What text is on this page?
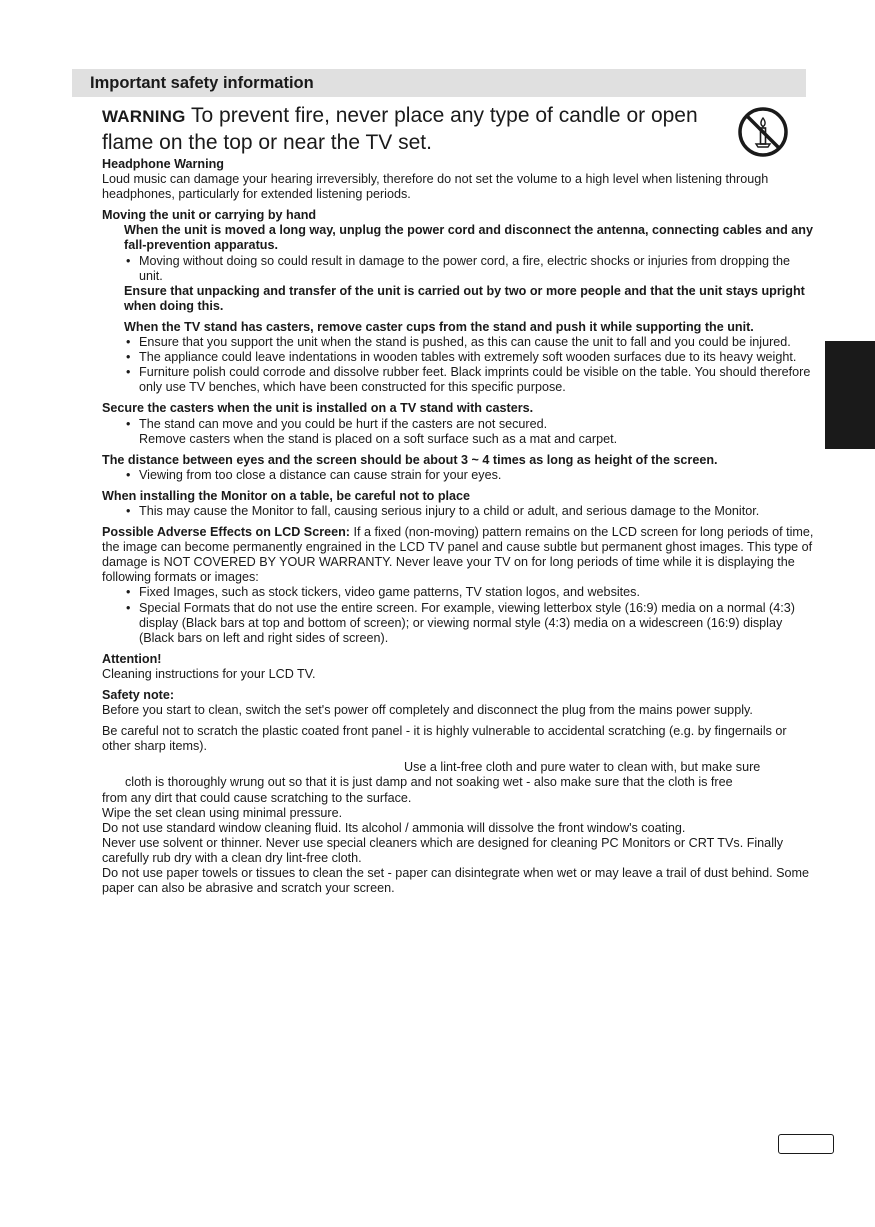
Important safety information
WARNING To prevent fire, never place any type of candle or open flame on the top or near the TV set.

Headphone Warning

Loud music can damage your hearing irreversibly, therefore do not set the volume to a high level when listening through headphones, particularly for extended listening periods.

Moving the unit or carrying by hand

When the unit is moved a long way, unplug the power cord and disconnect the antenna, connecting cables and any fall-prevention apparatus.

• Moving without doing so could result in damage to the power cord, a fire, electric shocks or injuries from dropping the unit.

Ensure that unpacking and transfer of the unit is carried out by two or more people and that the unit stays upright when doing this.

When the TV stand has casters, remove caster cups from the stand and push it while supporting the unit.

• Ensure that you support the unit when the stand is pushed, as this can cause the unit to fall and you could be injured.
• The appliance could leave indentations in wooden tables with extremely soft wooden surfaces due to its heavy weight.
• Furniture polish could corrode and dissolve rubber feet. Black imprints could be visible on the table. You should therefore only use TV benches, which have been constructed for this specific purpose.

Secure the casters when the unit is installed on a TV stand with casters.

• The stand can move and you could be hurt if the casters are not secured.

Remove casters when the stand is placed on a soft surface such as a mat and carpet.

The distance between eyes and the screen should be about 3 ~ 4 times as long as height of the screen.

• Viewing from too close a distance can cause strain for your eyes.

When installing the Monitor on a table, be careful not to place

• This may cause the Monitor to fall, causing serious injury to a child or adult, and serious damage to the Monitor.

Possible Adverse Effects on LCD Screen: If a fixed (non-moving) pattern remains on the LCD screen for long periods of time, the image can become permanently engrained in the LCD TV panel and cause subtle but permanent ghost images. This type of damage is NOT COVERED BY YOUR WARRANTY. Never leave your TV on for long periods of time while it is displaying the following formats or images:

• Fixed Images, such as stock tickers, video game patterns, TV station logos, and websites.
• Special Formats that do not use the entire screen. For example, viewing letterbox style (16:9) media on a normal (4:3) display (Black bars at top and bottom of screen); or viewing normal style (4:3) media on a widescreen (16:9) display (Black bars on left and right sides of screen).

Attention!

Cleaning instructions for your LCD TV.

Safety note:

Before you start to clean, switch the set's power off completely and disconnect the plug from the mains power supply.

Be careful not to scratch the plastic coated front panel - it is highly vulnerable to accidental scratching (e.g. by fingernails or other sharp items).

Use a lint-free cloth and pure water to clean with, but make sure

cloth is thoroughly wrung out so that it is just damp and not soaking wet - also make sure that the cloth is free

from any dirt that could cause scratching to the surface.

Wipe the set clean using minimal pressure.

Do not use standard window cleaning fluid. Its alcohol / ammonia will dissolve the front window's coating.

Never use solvent or thinner. Never use special cleaners which are designed for cleaning PC Monitors or CRT TVs. Finally carefully rub dry with a clean dry lint-free cloth.

Do not use paper towels or tissues to clean the set - paper can disintegrate when wet or may leave a trail of dust behind. Some paper can also be abrasive and scratch your screen.
